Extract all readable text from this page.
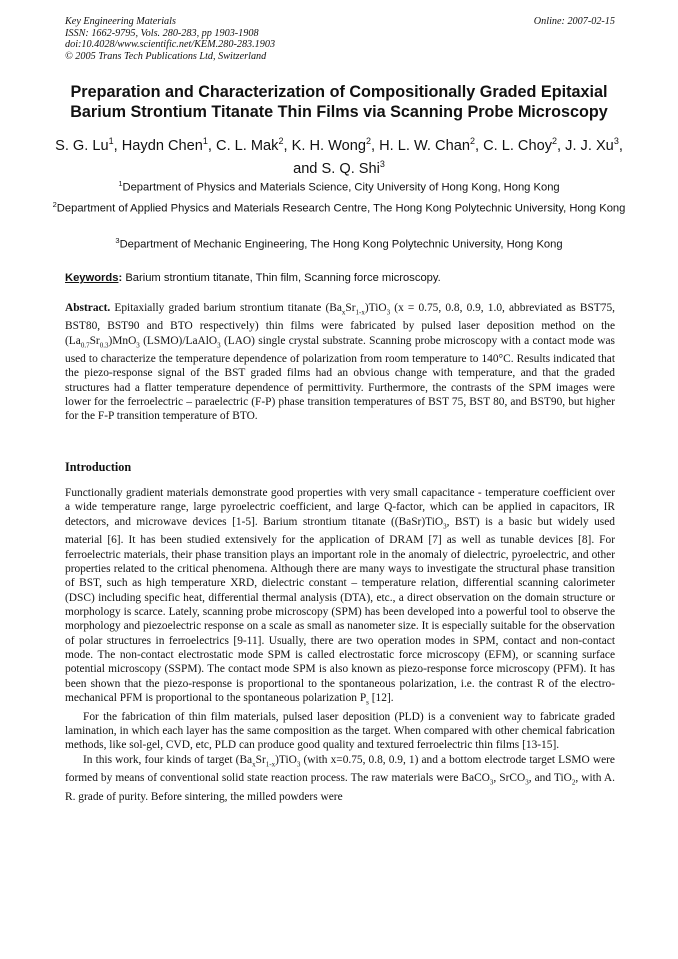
Key Engineering Materials
ISSN: 1662-9795, Vols. 280-283, pp 1903-1908
doi:10.4028/www.scientific.net/KEM.280-283.1903
© 2005 Trans Tech Publications Ltd, Switzerland
Online: 2007-02-15
Preparation and Characterization of Compositionally Graded Epitaxial Barium Strontium Titanate Thin Films via Scanning Probe Microscopy
S. G. Lu$^1$, Haydn Chen$^1$, C. L. Mak$^2$, K. H. Wong$^2$, H. L. W. Chan$^2$, C. L. Choy$^2$, J. J. Xu$^3$, and S. Q. Shi$^3$
$^1$Department of Physics and Materials Science, City University of Hong Kong, Hong Kong
$^2$Department of Applied Physics and Materials Research Centre, The Hong Kong Polytechnic University, Hong Kong
$^3$Department of Mechanic Engineering, The Hong Kong Polytechnic University, Hong Kong
Keywords: Barium strontium titanate, Thin film, Scanning force microscopy.
Abstract. Epitaxially graded barium strontium titanate $(Ba_xSr_{1-x})TiO_3$ (x = 0.75, 0.8, 0.9, 1.0, abbreviated as BST75, BST80, BST90 and BTO respectively) thin films were fabricated by pulsed laser deposition method on the $(La_{0.7}Sr_{0.3})MnO_3$ (LSMO)/LaAlO$_3$ (LAO) single crystal substrate. Scanning probe microscopy with a contact mode was used to characterize the temperature dependence of polarization from room temperature to 140°C. Results indicated that the piezo-response signal of the BST graded films had an obvious change with temperature, and that the graded structures had a flatter temperature dependence of permittivity. Furthermore, the contrasts of the SPM images were lower for the ferroelectric – paraelectric (F-P) phase transition temperatures of BST 75, BST 80, and BST90, but higher for the F-P transition temperature of BTO.
Introduction

Functionally gradient materials demonstrate good properties with very small capacitance - temperature coefficient over a wide temperature range, large pyroelectric coefficient, and large Q-factor, which can be applied in capacitors, IR detectors, and microwave devices [1-5]. Barium strontium titanate ((BaSr)TiO$_3$, BST) is a basic but widely used material [6]. It has been studied extensively for the application of DRAM [7] as well as tunable devices [8]. For ferroelectric materials, their phase transition plays an important role in the anomaly of dielectric, pyroelectric, and other properties related to the critical phenomena. Although there are many ways to investigate the structural phase transition of BST, such as high temperature XRD, dielectric constant – temperature relation, differential scanning calorimeter (DSC) including specific heat, differential thermal analysis (DTA), etc., a direct observation on the domain structure or morphology is scarce. Lately, scanning probe microscopy (SPM) has been developed into a powerful tool to observe the morphology and piezoelectric response on a scale as small as nanometer size. It is especially suitable for the observation of polar structures in ferroelectrics [9-11]. Usually, there are two operation modes in SPM, contact and non-contact mode. The non-contact electrostatic mode SPM is called electrostatic force microscopy (EFM), or scanning surface potential microscopy (SSPM). The contact mode SPM is also known as piezo-response force microscopy (PFM). It has been shown that the piezo-response is proportional to the spontaneous polarization, i.e. the contrast R of the electro-mechanical PFM is proportional to the spontaneous polarization $P_s$ [12].

For the fabrication of thin film materials, pulsed laser deposition (PLD) is a convenient way to fabricate graded lamination, in which each layer has the same composition as the target. When compared with other chemical fabrication methods, like sol-gel, CVD, etc, PLD can produce good quality and textured ferroelectric thin films [13-15].

In this work, four kinds of target $(Ba_xSr_{1-x})TiO_3$ (with x=0.75, 0.8, 0.9, 1) and a bottom electrode target LSMO were formed by means of conventional solid state reaction process. The raw materials were BaCO$_3$, SrCO$_3$, and TiO$_2$, with A. R. grade of purity. Before sintering, the milled powders were
